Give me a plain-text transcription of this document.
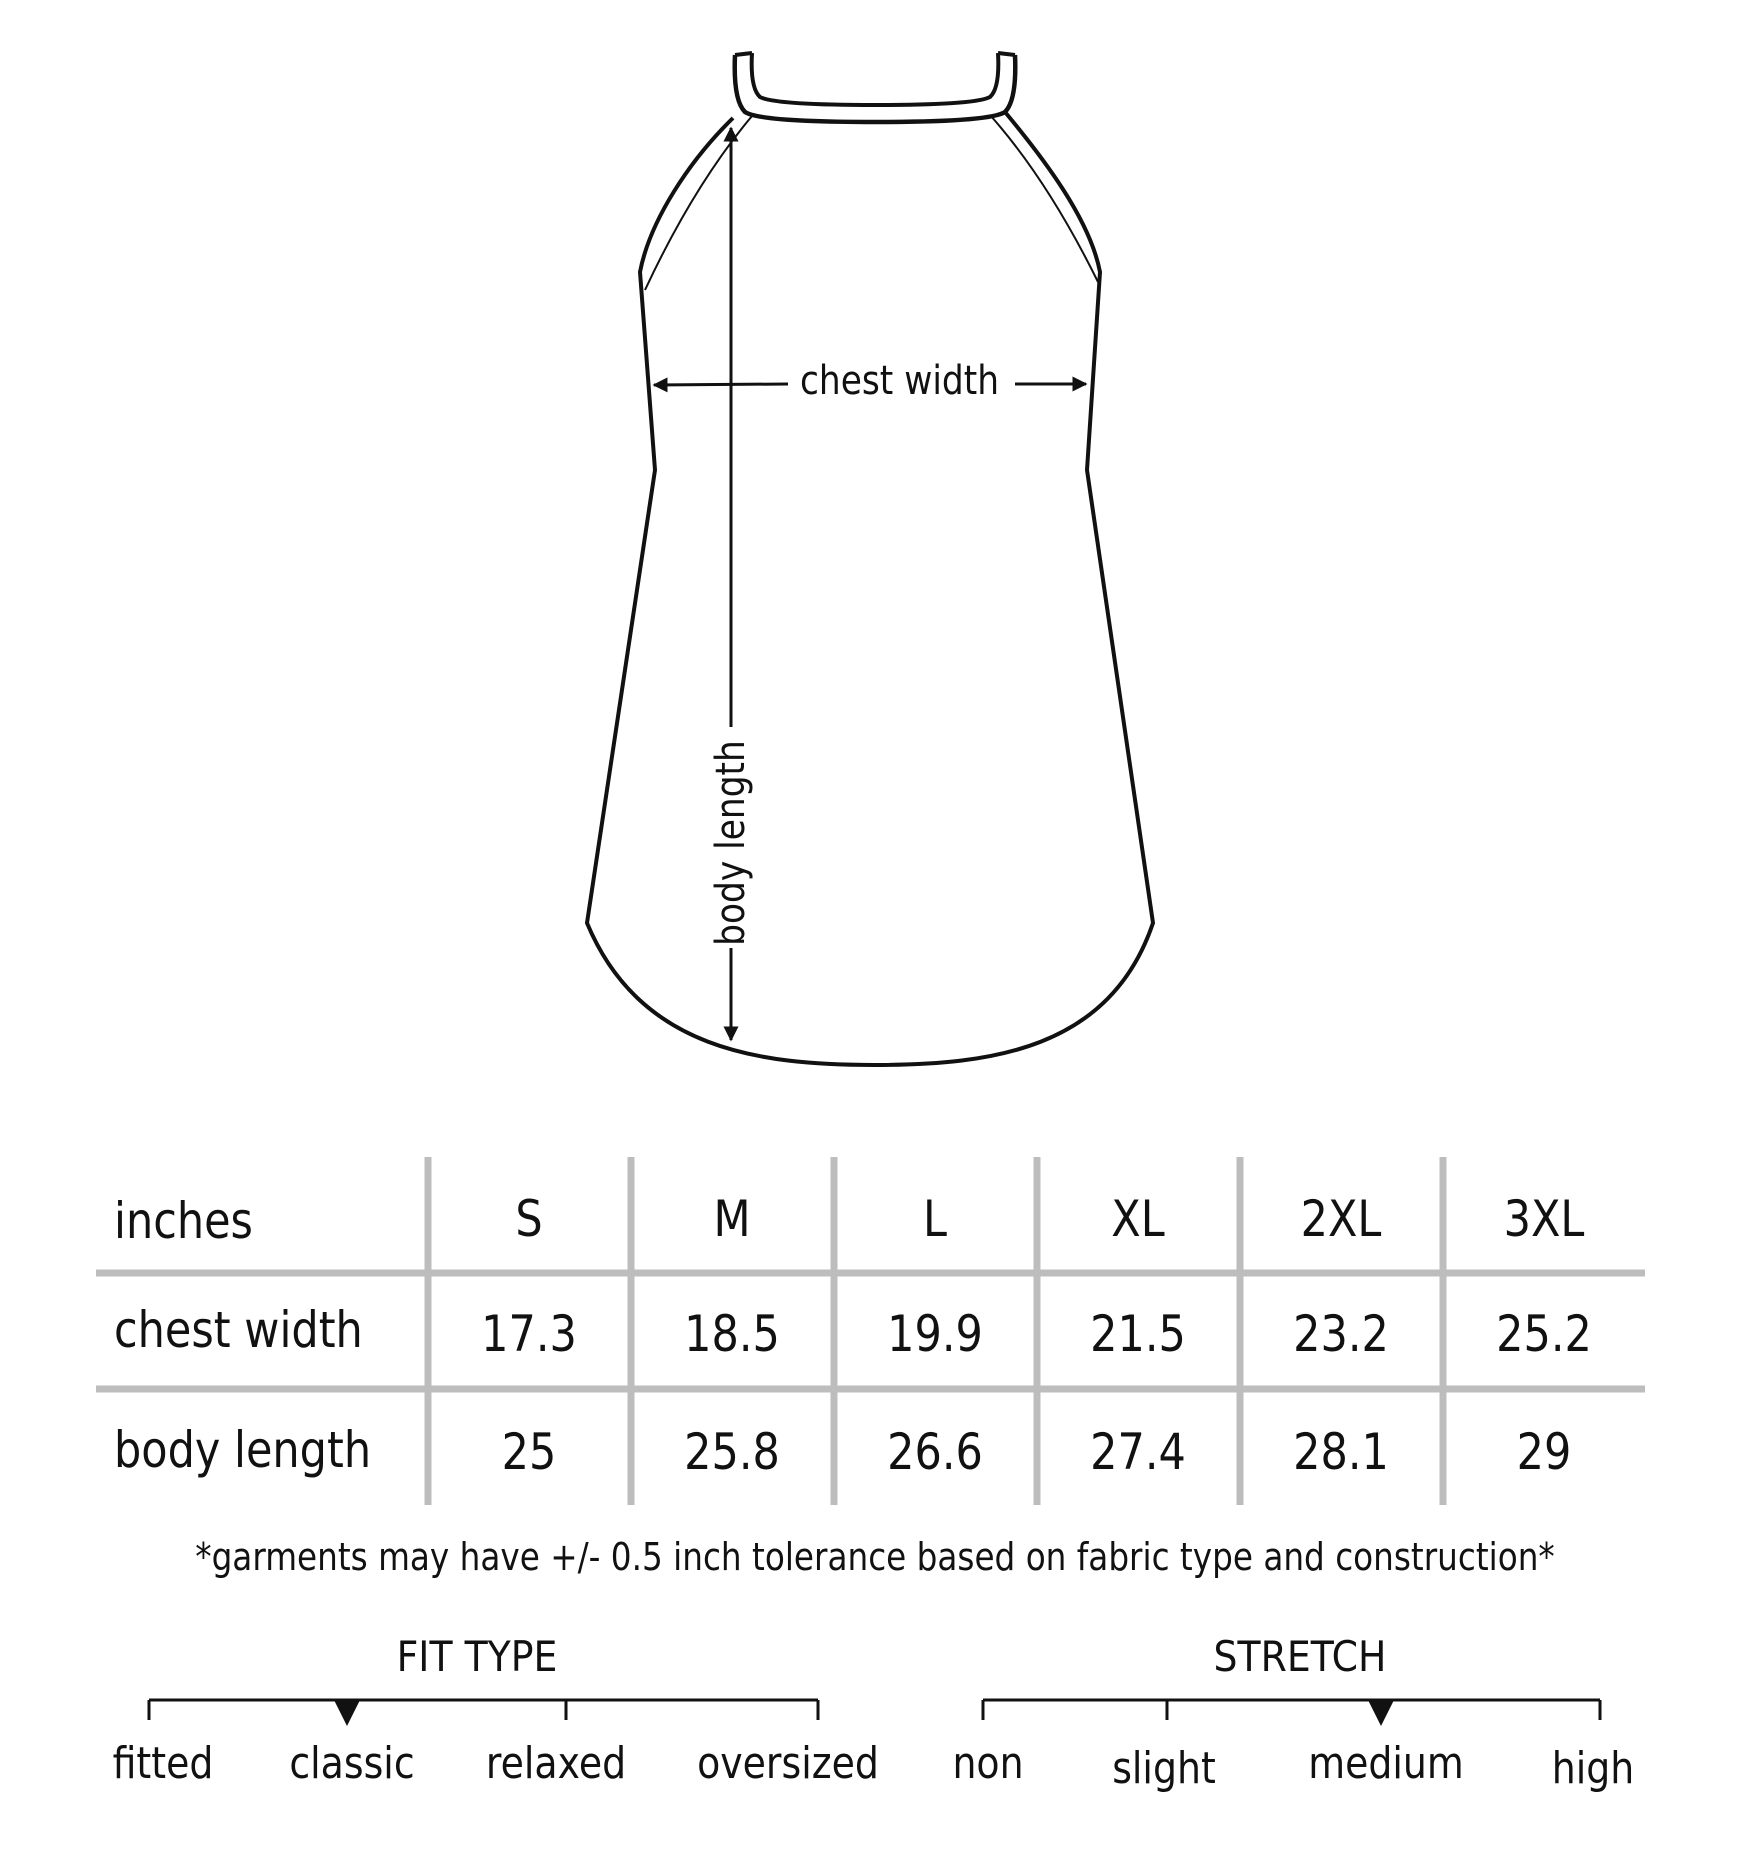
chest width
body length
inches	S	M	L	XL	2XL	3XL
chest width	17.3	18.5	19.9	21.5	23.2	25.2
body length	25	25.8	26.6	27.4	28.1	29
*garments may have +/- 0.5 inch tolerance based on fabric type and construction*
FIT TYPE
fitted classic relaxed oversized
STRETCH
non slight medium high
